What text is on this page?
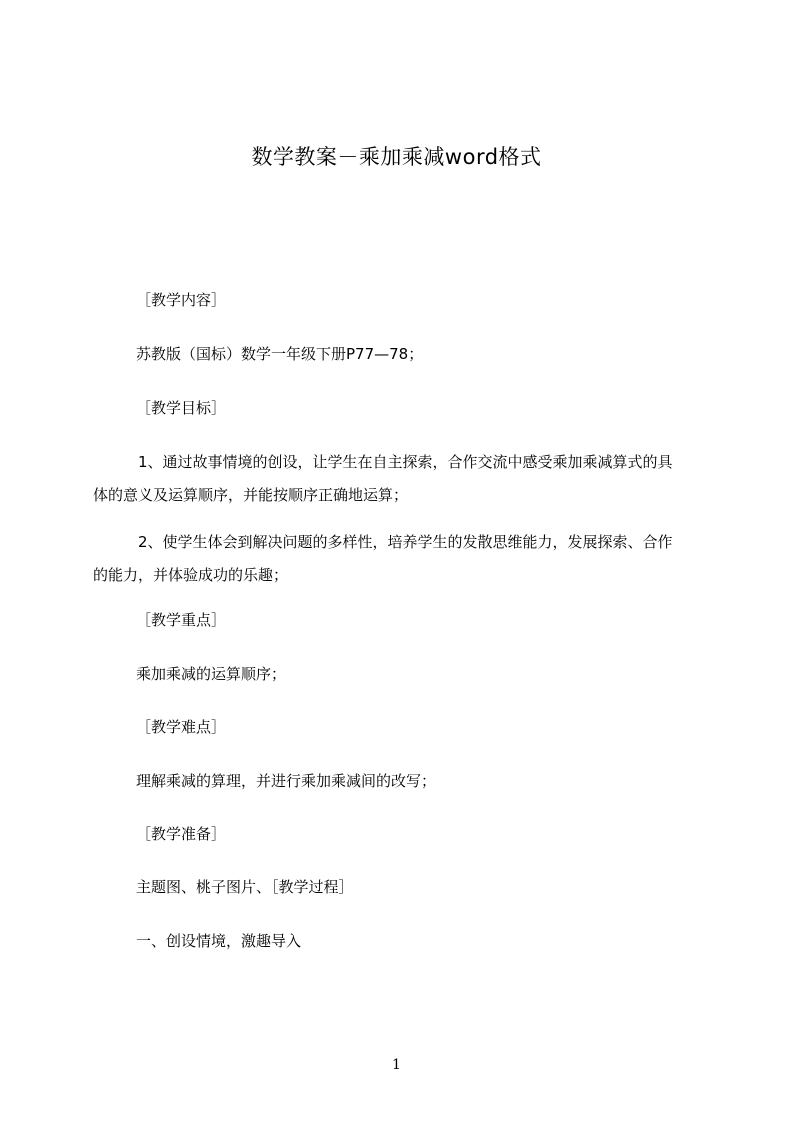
数学教案－乘加乘减word格式
［教学内容］
苏教版（国标）数学一年级下册P77—78；
［教学目标］
1、通过故事情境的创设，让学生在自主探索，合作交流中感受乘加乘减算式的具
体的意义及运算顺序，并能按顺序正确地运算；
2、使学生体会到解决问题的多样性，培养学生的发散思维能力，发展探索、合作
的能力，并体验成功的乐趣；
［教学重点］
乘加乘减的运算顺序；
［教学难点］
理解乘减的算理，并进行乘加乘减间的改写；
［教学准备］
主题图、桃子图片、［教学过程］
一、创设情境，激趣导入
1
